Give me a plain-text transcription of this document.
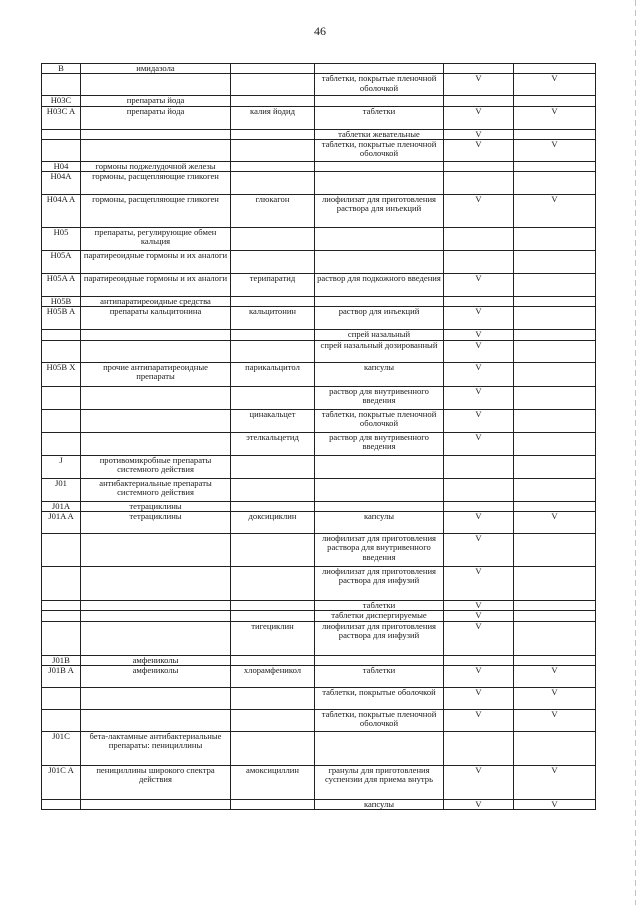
46
B	имидазола				
			таблетки, покрытые пленочной оболочкой	V	V
H03C	препараты йода				
H03C A	препараты йода	калия йодид	таблетки	V	V
			таблетки жевательные	V	
			таблетки, покрытые пленочной оболочкой	V	V
H04	гормоны поджелудочной железы				
H04A	гормоны, расщепляющие гликоген				
H04A A	гормоны, расщепляющие гликоген	глюкагон	лиофилизат для приготовления раствора для инъекций	V	V
H05	препараты, регулирующие обмен кальция				
H05A	паратиреоидные гормоны и их аналоги				
H05A A	паратиреоидные гормоны и их аналоги	терипаратид	раствор для подкожного введения	V	
H05B	антипаратиреоидные средства				
H05B A	препараты кальцитонина	кальцитонин	раствор для инъекций	V	
			спрей назальный	V	
			спрей назальный дозированный	V	
H05B X	прочие антипаратиреоидные препараты	парикальцитол	капсулы	V	
			раствор для внутривенного введения	V	
		цинакальцет	таблетки, покрытые пленочной оболочкой	V	
		этелкальцетид	раствор для внутривенного введения	V	
J	противомикробные препараты системного действия				
J01	антибактериальные препараты системного действия				
J01A	тетрациклины				
J01A A	тетрациклины	доксициклин	капсулы	V	V
			лиофилизат для приготовления раствора для внутривенного введения	V	
			лиофилизат для приготовления раствора для инфузий	V	
			таблетки	V	
			таблетки диспергируемые	V	
		тигециклин	лиофилизат для приготовления раствора для инфузий	V	
J01B	амфениколы				
J01B A	амфениколы	хлорамфеникол	таблетки	V	V
			таблетки, покрытые оболочкой	V	V
			таблетки, покрытые пленочной оболочкой	V	V
J01C	бета-лактамные антибактериальные препараты: пенициллины				
J01C A	пенициллины широкого спектра действия	амоксициллин	гранулы для приготовления суспензии для приема внутрь	V	V
			капсулы	V	V
